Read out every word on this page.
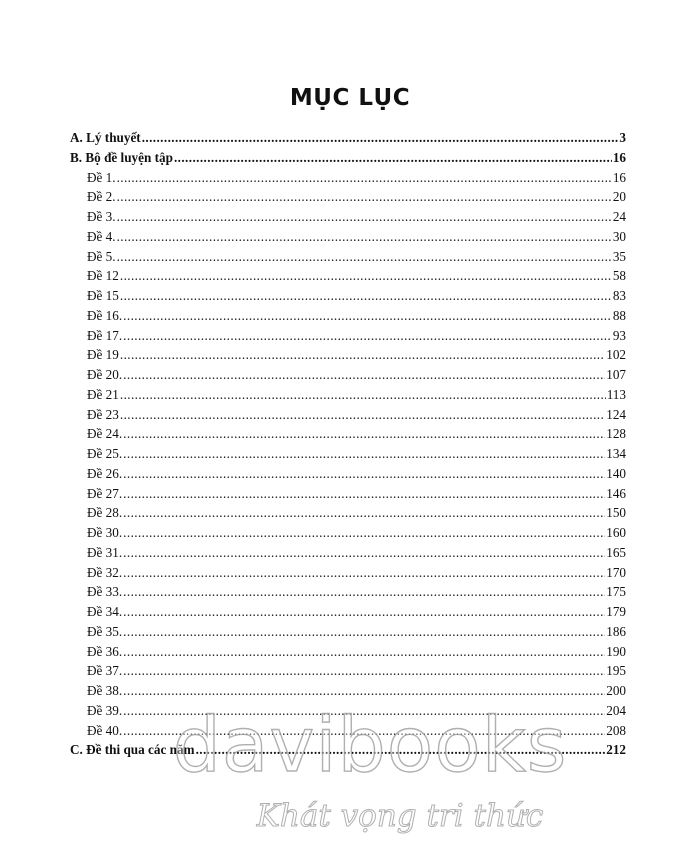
MỤC LỤC
A. Lý thuyết .....	3
B. Bộ đề luyện tập .....	16
Đề 1. .....	16
Đề 2. .....	20
Đề 3. .....	24
Đề 4. .....	30
Đề 5. .....	35
Đề 12 .....	58
Đề 15 .....	83
Đề 16. .....	88
Đề 17. .....	93
Đề 19 .....	102
Đề 20. .....	107
Đề 21 .....	113
Đề 23 .....	124
Đề 24. .....	128
Đề 25. .....	134
Đề 26. .....	140
Đề 27. .....	146
Đề 28. .....	150
Đề 30. .....	160
Đề 31. .....	165
Đề 32. .....	170
Đề 33. .....	175
Đề 34. .....	179
Đề 35. .....	186
Đề 36. .....	190
Đề 37. .....	195
Đề 38. .....	200
Đề 39. .....	204
Đề 40. .....	208
C. Đề thi qua các năm .....	212
davibooks
Khát vọng tri thức
